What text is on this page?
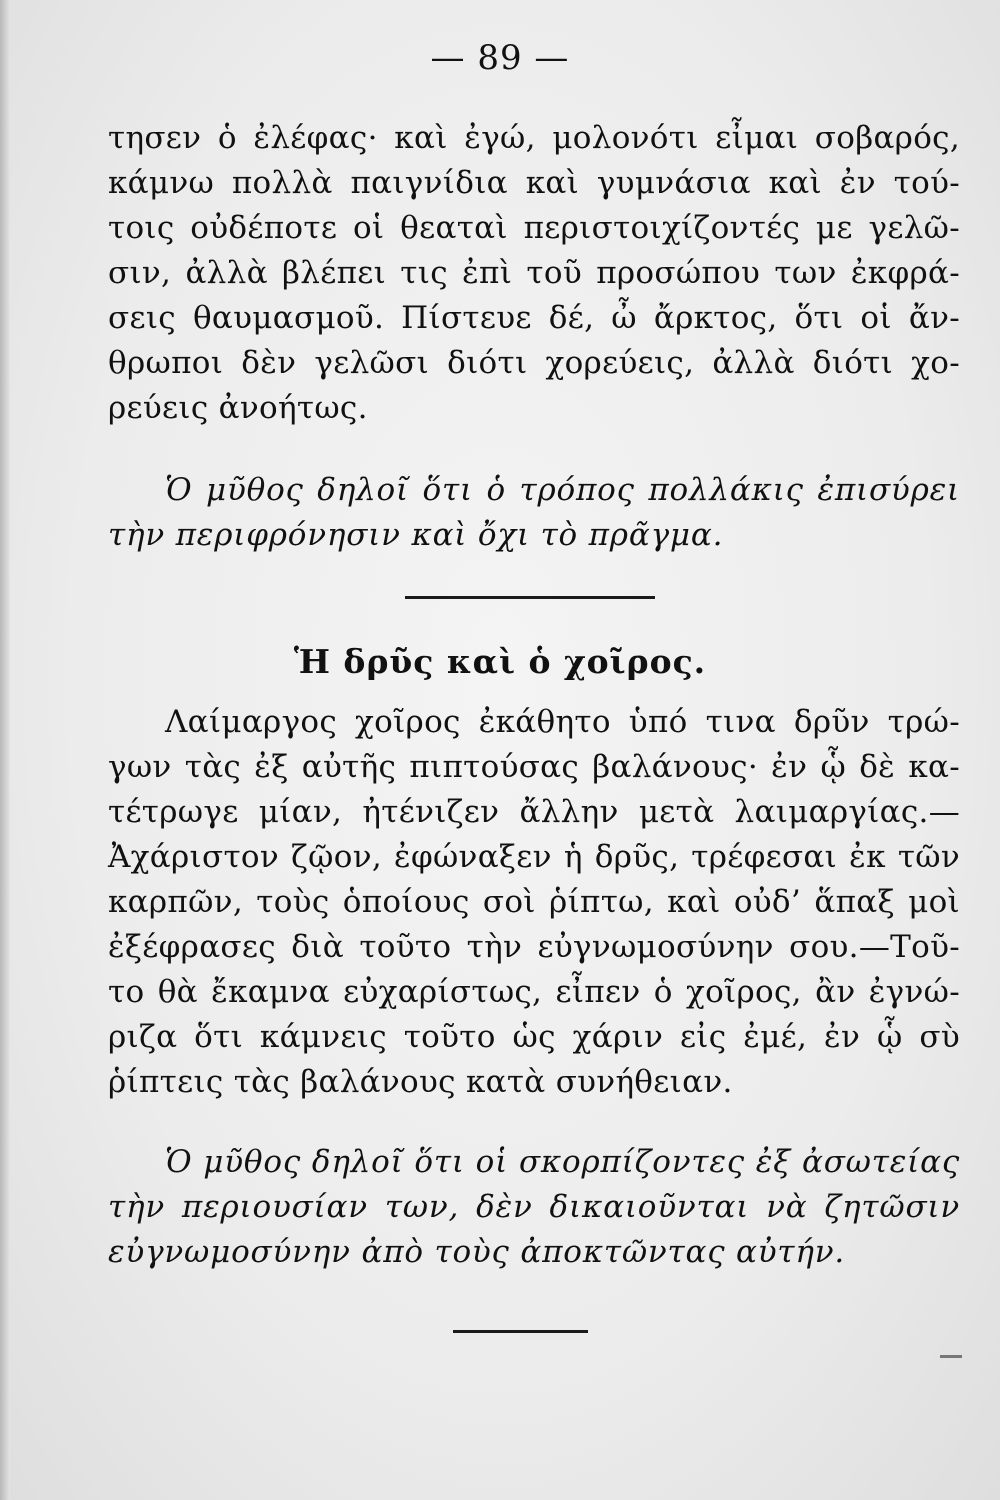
— 89 —
τησεν ὁ ἐλέφας· καὶ ἐγώ, μολονότι εἶμαι σοβαρός,
κάμνω πολλὰ παιγνίδια καὶ γυμνάσια καὶ ἐν τού-
τοις οὐδέποτε οἱ θεαταὶ περιστοιχίζοντές με γελῶ-
σιν, ἀλλὰ βλέπει τις ἐπὶ τοῦ προσώπου των ἐκφρά-
σεις θαυμασμοῦ. Πίστευε δέ, ὦ ἄρκτος, ὅτι οἱ ἄν-
θρωποι δὲν γελῶσι διότι χορεύεις, ἀλλὰ διότι χο-
ρεύεις ἀνοήτως.
Ὁ μῦθος δηλοῖ ὅτι ὁ τρόπος πολλάκις ἐπισύρει
τὴν περιφρόνησιν καὶ ὄχι τὸ πρᾶγμα.
Ἡ δρῦς καὶ ὁ χοῖρος.
Λαίμαργος χοῖρος ἐκάθητο ὑπό τινα δρῦν τρώ-
γων τὰς ἐξ αὐτῆς πιπτούσας βαλάνους· ἐν ᾧ δὲ κα-
τέτρωγε μίαν, ἠτένιζεν ἄλλην μετὰ λαιμαργίας.—
Ἀχάριστον ζῷον, ἐφώναξεν ἡ δρῦς, τρέφεσαι ἐκ τῶν
καρπῶν, τοὺς ὁποίους σοὶ ῥίπτω, καὶ οὐδ’ ἅπαξ μοὶ
ἐξέφρασες διὰ τοῦτο τὴν εὐγνωμοσύνην σου.—Τοῦ-
το θὰ ἔκαμνα εὐχαρίστως, εἶπεν ὁ χοῖρος, ἂν ἐγνώ-
ριζα ὅτι κάμνεις τοῦτο ὡς χάριν εἰς ἐμέ, ἐν ᾧ σὺ
ῥίπτεις τὰς βαλάνους κατὰ συνήθειαν.
Ὁ μῦθος δηλοῖ ὅτι οἱ σκορπίζοντες ἐξ ἀσωτείας
τὴν περιουσίαν των, δὲν δικαιοῦνται νὰ ζητῶσιν
εὐγνωμοσύνην ἀπὸ τοὺς ἀποκτῶντας αὐτήν.
